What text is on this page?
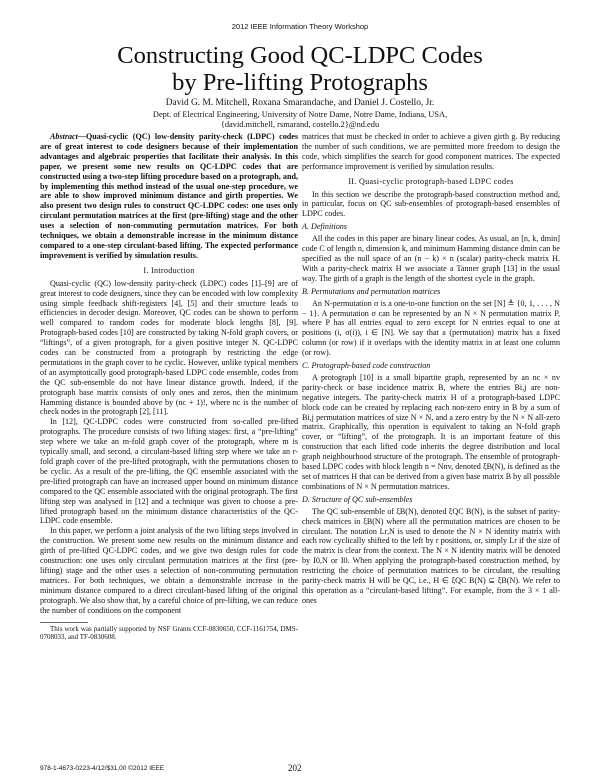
2012 IEEE Information Theory Workshop
Constructing Good QC-LDPC Codes
by Pre-lifting Protographs
David G. M. Mitchell, Roxana Smarandache, and Daniel J. Costello, Jr.
Dept. of Electrical Engineering, University of Notre Dame, Notre Dame, Indiana, USA,
{david.mitchell, rsmarand, costello.2}@nd.edu

Abstract—Quasi-cyclic (QC) low-density parity-check (LDPC) codes are of great interest to code designers because of their implementation advantages and algebraic properties that facilitate their analysis. In this paper, we present some new results on QC-LDPC codes that are constructed using a two-step lifting procedure based on a protograph, and, by implementing this method instead of the usual one-step procedure, we are able to show improved minimum distance and girth properties. We also present two design rules to construct QC-LDPC codes: one uses only circulant permutation matrices at the first (pre-lifting) stage and the other uses a selection of non-commuting permutation matrices. For both techniques, we obtain a demonstrable increase in the minimum distance compared to a one-step circulant-based lifting. The expected performance improvement is verified by simulation results.

I. Introduction

Quasi-cyclic (QC) low-density parity-check (LDPC) codes [1]–[9] are of great interest to code designers, since they can be encoded with low complexity using simple feedback shift-registers [4], [5] and their structure leads to efficiencies in decoder design. Moreover, QC codes can be shown to perform well compared to random codes for moderate block lengths [8], [9]. Protograph-based codes [10] are constructed by taking N-fold graph covers, or “liftings”, of a given protograph, for a given positive integer N. QC-LDPC codes can be constructed from a protograph by restricting the edge permutations in the graph cover to be cyclic. However, unlike typical members of an asymptotically good protograph-based LDPC code ensemble, codes from the QC sub-ensemble do not have linear distance growth. Indeed, if the protograph base matrix consists of only ones and zeros, then the minimum Hamming distance is bounded above by (nc + 1)!, where nc is the number of check nodes in the protograph [2], [11].

In [12], QC-LDPC codes were constructed from so-called pre-lifted protographs. The procedure consists of two lifting stages: first, a “pre-lifting” step where we take an m-fold graph cover of the protograph, where m is typically small, and second, a circulant-based lifting step where we take an r-fold graph cover of the pre-lifted protograph, with the permutations chosen to be cyclic. As a result of the pre-lifting, the QC ensemble associated with the pre-lifted protograph can have an increased upper bound on minimum distance compared to the QC ensemble associated with the original protograph. The first lifting step was analysed in [12] and a technique was given to choose a pre-lifted protograph based on the minimum distance characteristics of the QC-LDPC code ensemble.

In this paper, we perform a joint analysis of the two lifting steps involved in the construction. We present some new results on the minimum distance and girth of pre-lifted QC-LDPC codes, and we give two design rules for code construction: one uses only circulant permutation matrices at the first (pre-lifting) stage and the other uses a selection of non-commuting permutation matrices. For both techniques, we obtain a demonstrable increase in the minimum distance compared to a direct circulant-based lifting of the original protograph. We also show that, by a careful choice of pre-lifting, we can reduce the number of conditions on the component

This work was partially supported by NSF Grants CCF-0830650, CCF-1161754, DMS-0708033, and TF-0830608.

matrices that must be checked in order to achieve a given girth g. By reducing the number of such conditions, we are permitted more freedom to design the code, which simplifies the search for good component matrices. The expected performance improvement is verified by simulation results.

II. Quasi-cyclic protograph-based LDPC codes

In this section we describe the protograph-based construction method and, in particular, focus on QC sub-ensembles of protograph-based ensembles of LDPC codes.

A. Definitions

All the codes in this paper are binary linear codes. As usual, an [n, k, dmin] code C of length n, dimension k, and minimum Hamming distance dmin can be specified as the null space of an (n − k) × n (scalar) parity-check matrix H. With a parity-check matrix H we associate a Tanner graph [13] in the usual way. The girth of a graph is the length of the shortest cycle in the graph.

B. Permutations and permutation matrices

An N-permutation σ is a one-to-one function on the set [N] ≜ {0, 1, . . . , N − 1}. A permutation σ can be represented by an N × N permutation matrix P, where P has all entries equal to zero except for N entries equal to one at positions (i, σ(i)), i ∈ [N]. We say that a (permutation) matrix has a fixed column (or row) if it overlaps with the identity matrix in at least one column (or row).

C. Protograph-based code construction

A protograph [10] is a small bipartite graph, represented by an nc × nv parity-check or base incidence matrix B, where the entries Bi,j are non-negative integers. The parity-check matrix H of a protograph-based LDPC block code can be created by replacing each non-zero entry in B by a sum of Bi,j permutation matrices of size N × N, and a zero entry by the N × N all-zero matrix. Graphically, this operation is equivalent to taking an N-fold graph cover, or “lifting”, of the protograph. It is an important feature of this construction that each lifted code inherits the degree distribution and local graph neighbourhood structure of the protograph. The ensemble of protograph-based LDPC codes with block length n = Nnv, denoted ξB(N), is defined as the set of matrices H that can be derived from a given base matrix B by all possible combinations of N × N permutation matrices.

D. Structure of QC sub-ensembles

The QC sub-ensemble of ξB(N), denoted ξQC B(N), is the subset of parity-check matrices in ξB(N) where all the permutation matrices are chosen to be circulant. The notation Lr,N is used to denote the N × N identity matrix with each row cyclically shifted to the left by r positions, or, simply Lr if the size of the matrix is clear from the context. The N × N identity matrix will be denoted by I0,N or I0. When applying the protograph-based construction method, by restricting the choice of permutation matrices to be circulant, the resulting parity-check matrix H will be QC, i.e., H ∈ ξQC B(N) ⊆ ξB(N). We refer to this operation as a “circulant-based lifting”. For example, from the 3 × 1 all-ones

978-1-4673-0223-4/12/$31.00 ©2012 IEEE	202
